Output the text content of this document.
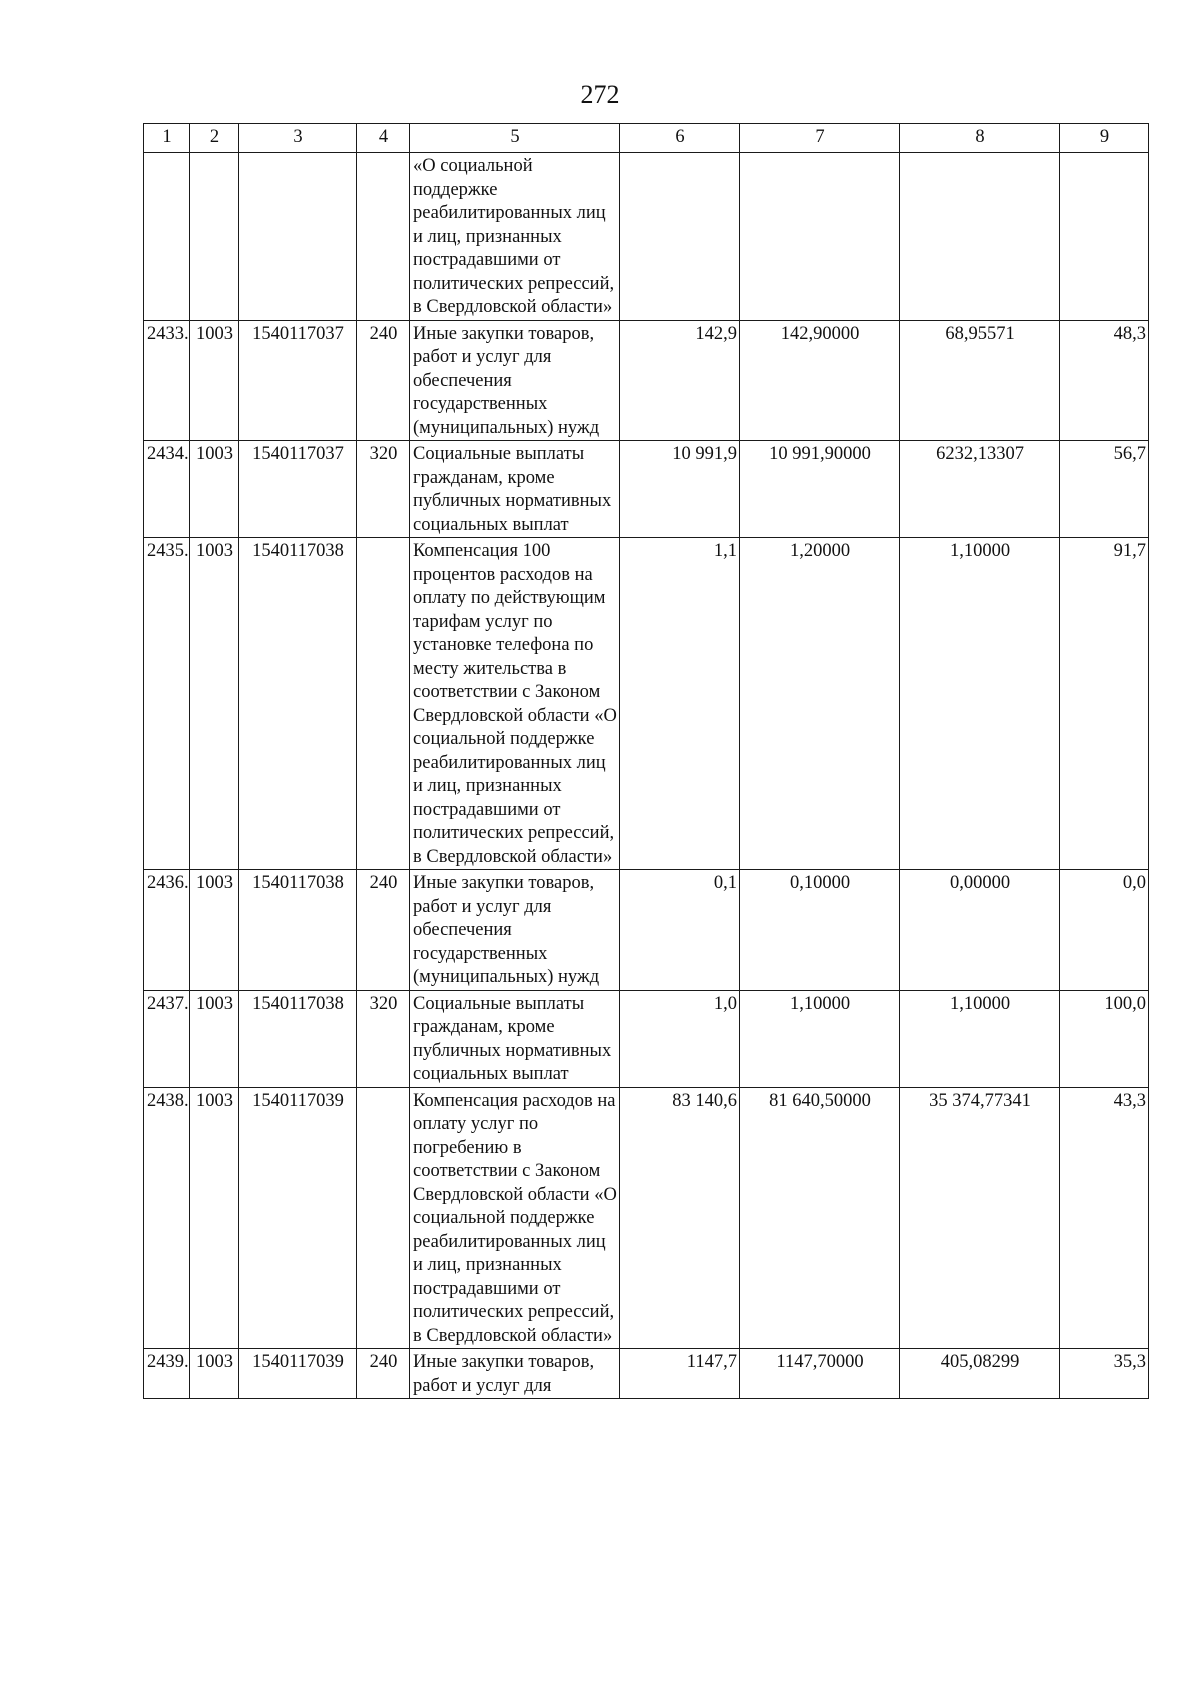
272
1	2	3	4	5	6	7	8	9
				«О социальной поддержке реабилитированных лиц и лиц, признанных пострадавшими от политических репрессий, в Свердловской области»				
2433.	1003	1540117037	240	Иные закупки товаров, работ и услуг для обеспечения государственных (муниципальных) нужд	142,9	142,90000	68,95571	48,3
2434.	1003	1540117037	320	Социальные выплаты гражданам, кроме публичных нормативных социальных выплат	10 991,9	10 991,90000	6232,13307	56,7
2435.	1003	1540117038		Компенсация 100 процентов расходов на оплату по действующим тарифам услуг по установке телефона по месту жительства в соответствии с Законом Свердловской области «О социальной поддержке реабилитированных лиц и лиц, признанных пострадавшими от политических репрессий, в Свердловской области»	1,1	1,20000	1,10000	91,7
2436.	1003	1540117038	240	Иные закупки товаров, работ и услуг для обеспечения государственных (муниципальных) нужд	0,1	0,10000	0,00000	0,0
2437.	1003	1540117038	320	Социальные выплаты гражданам, кроме публичных нормативных социальных выплат	1,0	1,10000	1,10000	100,0
2438.	1003	1540117039		Компенсация расходов на оплату услуг по погребению в соответствии с Законом Свердловской области «О социальной поддержке реабилитированных лиц и лиц, признанных пострадавшими от политических репрессий, в Свердловской области»	83 140,6	81 640,50000	35 374,77341	43,3
2439.	1003	1540117039	240	Иные закупки товаров, работ и услуг для	1147,7	1147,70000	405,08299	35,3
